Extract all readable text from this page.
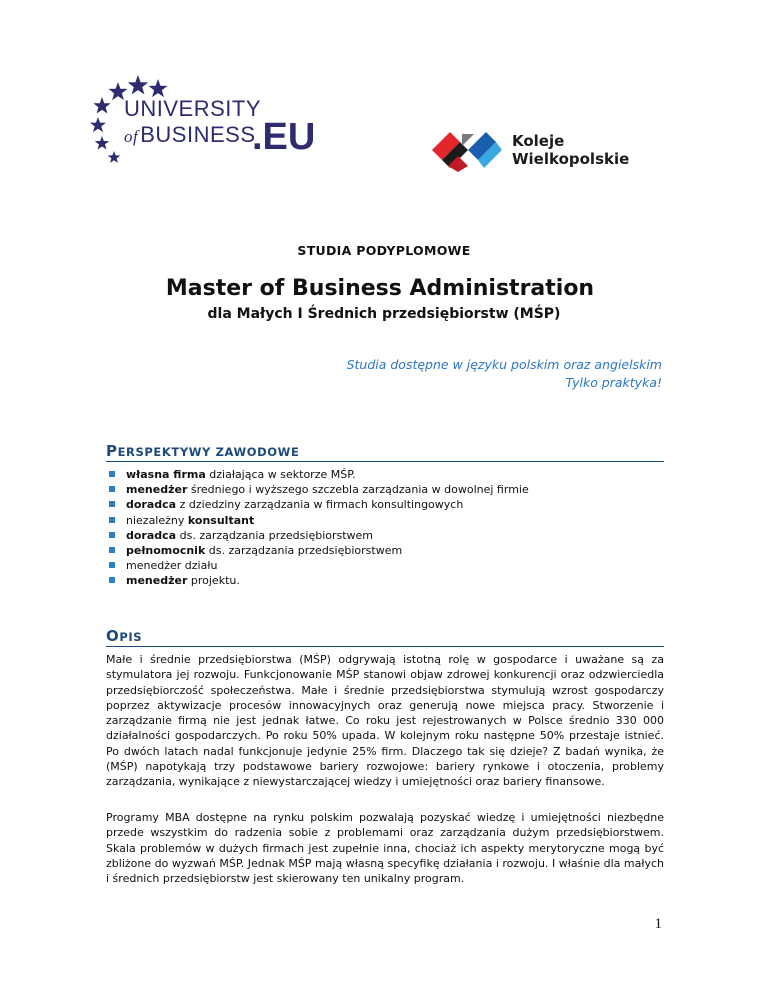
UNIVERSITY
ofBUSINESS
.EU	Koleje
Wielkopolskie
STUDIA PODYPLOMOWE
Master of Business Administration
dla Małych I Średnich przedsiębiorstw (MŚP)
Studia dostępne w języku polskim oraz angielskim
Tylko praktyka!
PERSPEKTYWY ZAWODOWE
własna firma działająca w sektorze MŚP.
menedżer średniego i wyższego szczebla zarządzania w dowolnej firmie
doradca z dziedziny zarządzania w firmach konsultingowych
niezależny konsultant
doradca ds. zarządzania przedsiębiorstwem
pełnomocnik ds. zarządzania przedsiębiorstwem
menedżer działu
menedżer projektu.
OPIS

Małe i średnie przedsiębiorstwa (MŚP) odgrywają istotną rolę w gospodarce i uważane są za stymulatora jej rozwoju. Funkcjonowanie MŚP stanowi objaw zdrowej konkurencji oraz odzwierciedla przedsiębiorczość społeczeństwa. Małe i średnie przedsiębiorstwa stymulują wzrost gospodarczy poprzez aktywizacje procesów innowacyjnych oraz generują nowe miejsca pracy. Stworzenie i zarządzanie firmą nie jest jednak łatwe. Co roku jest rejestrowanych w Polsce średnio 330 000 działalności gospodarczych. Po roku 50% upada. W kolejnym roku następne 50% przestaje istnieć. Po dwóch latach nadal funkcjonuje jedynie 25% firm. Dlaczego tak się dzieje? Z badań wynika, że (MŚP) napotykają trzy podstawowe bariery rozwojowe: bariery rynkowe i otoczenia, problemy zarządzania, wynikające z niewystarczającej wiedzy i umiejętności oraz bariery finansowe.

Programy MBA dostępne na rynku polskim pozwalają pozyskać wiedzę i umiejętności niezbędne przede wszystkim do radzenia sobie z problemami oraz zarządzania dużym przedsiębiorstwem. Skala problemów w dużych firmach jest zupełnie inna, chociaż ich aspekty merytoryczne mogą być zbliżone do wyzwań MŚP. Jednak MŚP mają własną specyfikę działania i rozwoju. I właśnie dla małych i średnich przedsiębiorstw jest skierowany ten unikalny program.

1
